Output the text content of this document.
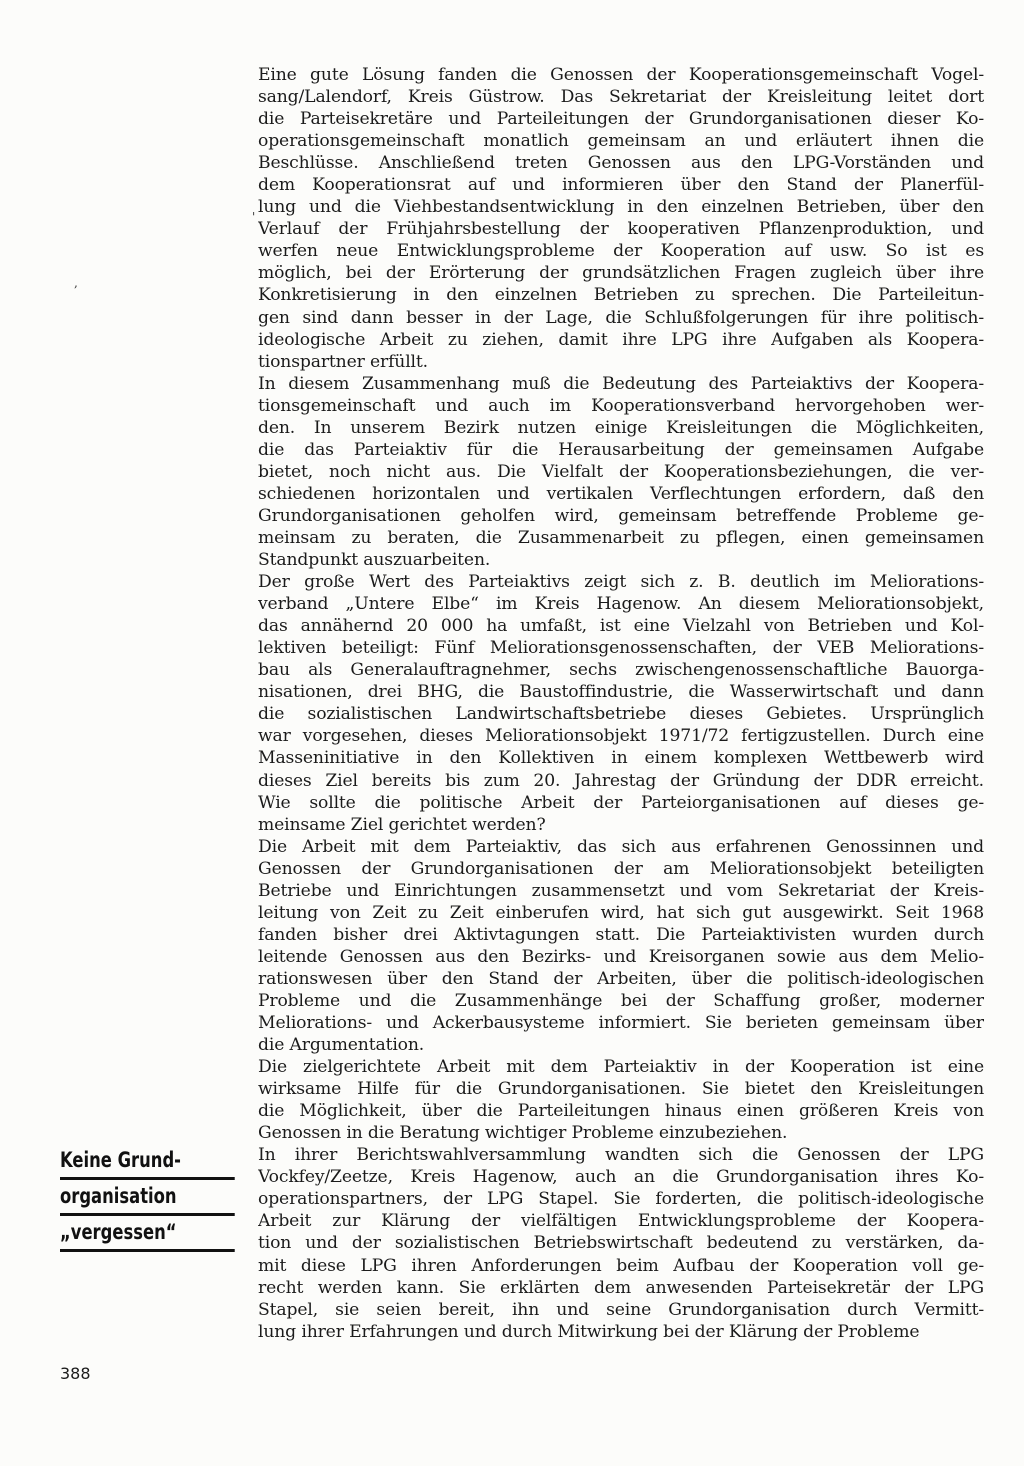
,
'
Eine gute Lösung fanden die Genossen der Kooperationsgemeinschaft Vogel-
sang/Lalendorf, Kreis Güstrow. Das Sekretariat der Kreisleitung leitet dort
die Parteisekretäre und Parteileitungen der Grundorganisationen dieser Ko-
operationsgemeinschaft monatlich gemeinsam an und erläutert ihnen die
Beschlüsse. Anschließend treten Genossen aus den LPG-Vorständen und
dem Kooperationsrat auf und informieren über den Stand der Planerfül-
lung und die Viehbestandsentwicklung in den einzelnen Betrieben, über den
Verlauf der Frühjahrsbestellung der kooperativen Pflanzenproduktion, und
werfen neue Entwicklungsprobleme der Kooperation auf usw. So ist es
möglich, bei der Erörterung der grundsätzlichen Fragen zugleich über ihre
Konkretisierung in den einzelnen Betrieben zu sprechen. Die Parteileitun-
gen sind dann besser in der Lage, die Schlußfolgerungen für ihre politisch-
ideologische Arbeit zu ziehen, damit ihre LPG ihre Aufgaben als Koopera-
tionspartner erfüllt.
In diesem Zusammenhang muß die Bedeutung des Parteiaktivs der Koopera-
tionsgemeinschaft und auch im Kooperationsverband hervorgehoben wer-
den. In unserem Bezirk nutzen einige Kreisleitungen die Möglichkeiten,
die das Parteiaktiv für die Herausarbeitung der gemeinsamen Aufgabe
bietet, noch nicht aus. Die Vielfalt der Kooperationsbeziehungen, die ver-
schiedenen horizontalen und vertikalen Verflechtungen erfordern, daß den
Grundorganisationen geholfen wird, gemeinsam betreffende Probleme ge-
meinsam zu beraten, die Zusammenarbeit zu pflegen, einen gemeinsamen
Standpunkt auszuarbeiten.
Der große Wert des Parteiaktivs zeigt sich z. B. deutlich im Meliorations-
verband „Untere Elbe“ im Kreis Hagenow. An diesem Meliorationsobjekt,
das annähernd 20 000 ha umfaßt, ist eine Vielzahl von Betrieben und Kol-
lektiven beteiligt: Fünf Meliorationsgenossenschaften, der VEB Meliorations-
bau als Generalauftragnehmer, sechs zwischengenossenschaftliche Bauorga-
nisationen, drei BHG, die Baustoffindustrie, die Wasserwirtschaft und dann
die sozialistischen Landwirtschaftsbetriebe dieses Gebietes. Ursprünglich
war vorgesehen, dieses Meliorationsobjekt 1971/72 fertigzustellen. Durch eine
Masseninitiative in den Kollektiven in einem komplexen Wettbewerb wird
dieses Ziel bereits bis zum 20. Jahrestag der Gründung der DDR erreicht.
Wie sollte die politische Arbeit der Parteiorganisationen auf dieses ge-
meinsame Ziel gerichtet werden?
Die Arbeit mit dem Parteiaktiv, das sich aus erfahrenen Genossinnen und
Genossen der Grundorganisationen der am Meliorationsobjekt beteiligten
Betriebe und Einrichtungen zusammensetzt und vom Sekretariat der Kreis-
leitung von Zeit zu Zeit einberufen wird, hat sich gut ausgewirkt. Seit 1968
fanden bisher drei Aktivtagungen statt. Die Parteiaktivisten wurden durch
leitende Genossen aus den Bezirks- und Kreisorganen sowie aus dem Melio-
rationswesen über den Stand der Arbeiten, über die politisch-ideologischen
Probleme und die Zusammenhänge bei der Schaffung großer, moderner
Meliorations- und Ackerbausysteme informiert. Sie berieten gemeinsam über
die Argumentation.
Die zielgerichtete Arbeit mit dem Parteiaktiv in der Kooperation ist eine
wirksame Hilfe für die Grundorganisationen. Sie bietet den Kreisleitungen
die Möglichkeit, über die Parteileitungen hinaus einen größeren Kreis von
Genossen in die Beratung wichtiger Probleme einzubeziehen.
In ihrer Berichtswahlversammlung wandten sich die Genossen der LPG
Vockfey/Zeetze, Kreis Hagenow, auch an die Grundorganisation ihres Ko-
operationspartners, der LPG Stapel. Sie forderten, die politisch-ideologische
Arbeit zur Klärung der vielfältigen Entwicklungsprobleme der Koopera-
tion und der sozialistischen Betriebswirtschaft bedeutend zu verstärken, da-
mit diese LPG ihren Anforderungen beim Aufbau der Kooperation voll ge-
recht werden kann. Sie erklärten dem anwesenden Parteisekretär der LPG
Stapel, sie seien bereit, ihn und seine Grundorganisation durch Vermitt-
lung ihrer Erfahrungen und durch Mitwirkung bei der Klärung der Probleme
Keine Grund-
organisation
„vergessen“
388
